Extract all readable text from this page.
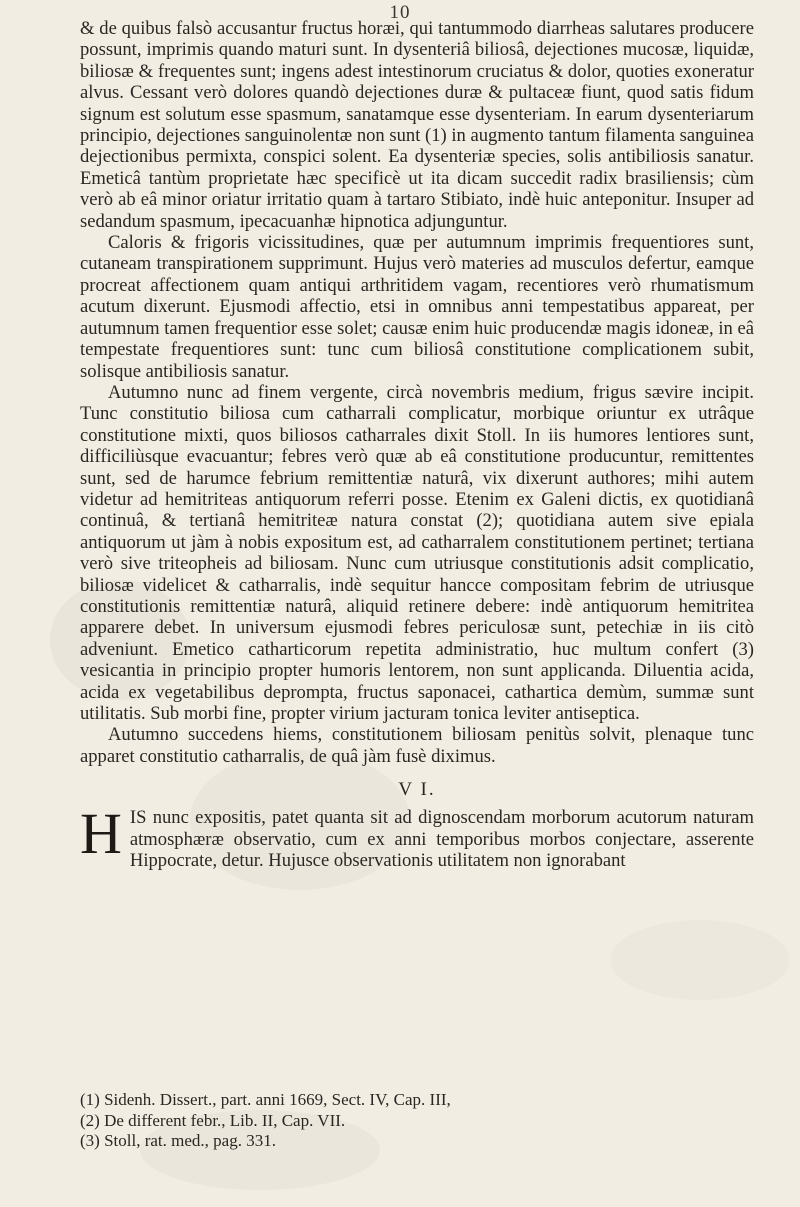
10

& de quibus falsò accusantur fructus horæi, qui tantummodo diarrheas salutares producere possunt, imprimis quando maturi sunt. In dysenteriâ biliosâ, dejectiones mucosæ, liquidæ, biliosæ & frequentes sunt; ingens adest intestinorum cruciatus & dolor, quoties exoneratur alvus. Cessant verò dolores quandò dejectiones duræ & pultaceæ fiunt, quod satis fidum signum est solutum esse spasmum, sanatamque esse dysenteriam. In earum dysenteriarum principio, dejectiones sanguinolentæ non sunt (1) in augmento tantum filamenta sanguinea dejectionibus permixta, conspici solent. Ea dysenteriæ species, solis antibiliosis sanatur. Emeticâ tantùm proprietate hæc specificè ut ita dicam succedit radix brasiliensis; cùm verò ab eâ minor oriatur irritatio quam à tartaro Stibiato, indè huic anteponitur. Insuper ad sedandum spasmum, ipecacuanhæ hipnotica adjunguntur.

Caloris & frigoris vicissitudines, quæ per autumnum imprimis frequentiores sunt, cutaneam transpirationem supprimunt. Hujus verò materies ad musculos defertur, eamque procreat affectionem quam antiqui arthritidem vagam, recentiores verò rhumatismum acutum dixerunt. Ejusmodi affectio, etsi in omnibus anni tempestatibus appareat, per autumnum tamen frequentior esse solet; causæ enim huic producendæ magis idoneæ, in eâ tempestate frequentiores sunt: tunc cum biliosâ constitutione complicationem subit, solisque antibiliosis sanatur.

Autumno nunc ad finem vergente, circà novembris medium, frigus sævire incipit. Tunc constitutio biliosa cum catharrali complicatur, morbique oriuntur ex utrâque constitutione mixti, quos biliosos catharrales dixit Stoll. In iis humores lentiores sunt, difficiliùsque evacuantur; febres verò quæ ab eâ constitutione producuntur, remittentes sunt, sed de harumce febrium remittentiæ naturâ, vix dixerunt authores; mihi autem videtur ad hemitriteas antiquorum referri posse. Etenim ex Galeni dictis, ex quotidianâ continuâ, & tertianâ hemitriteæ natura constat (2); quotidiana autem sive epiala antiquorum ut jàm à nobis expositum est, ad catharralem constitutionem pertinet; tertiana verò sive triteopheis ad biliosam. Nunc cum utriusque constitutionis adsit complicatio, biliosæ videlicet & catharralis, indè sequitur hancce compositam febrim de utriusque constitutionis remittentiæ naturâ, aliquid retinere debere: indè antiquorum hemitritea apparere debet. In universum ejusmodi febres periculosæ sunt, petechiæ in iis citò adveniunt. Emetico catharticorum repetita administratio, huc multum confert (3) vesicantia in principio propter humoris lentorem, non sunt applicanda. Diluentia acida, acida ex vegetabilibus deprompta, fructus saponacei, cathartica demùm, summæ sunt utilitatis. Sub morbi fine, propter virium jacturam tonica leviter antiseptica.

Autumno succedens hiems, constitutionem biliosam penitùs solvit, plenaque tunc apparet constitutio catharralis, de quâ jàm fusè diximus.

V I.
H IS nunc expositis, patet quanta sit ad dignoscendam morborum acutorum naturam atmosphæræ observatio, cum ex anni temporibus morbos conjectare, asserente Hippocrate, detur. Hujusce observationis utilitatem non ignorabant

(1) Sidenh. Dissert., part. anni 1669, Sect. IV, Cap. III,

(2) De different febr., Lib. II, Cap. VII.

(3) Stoll, rat. med., pag. 331.
